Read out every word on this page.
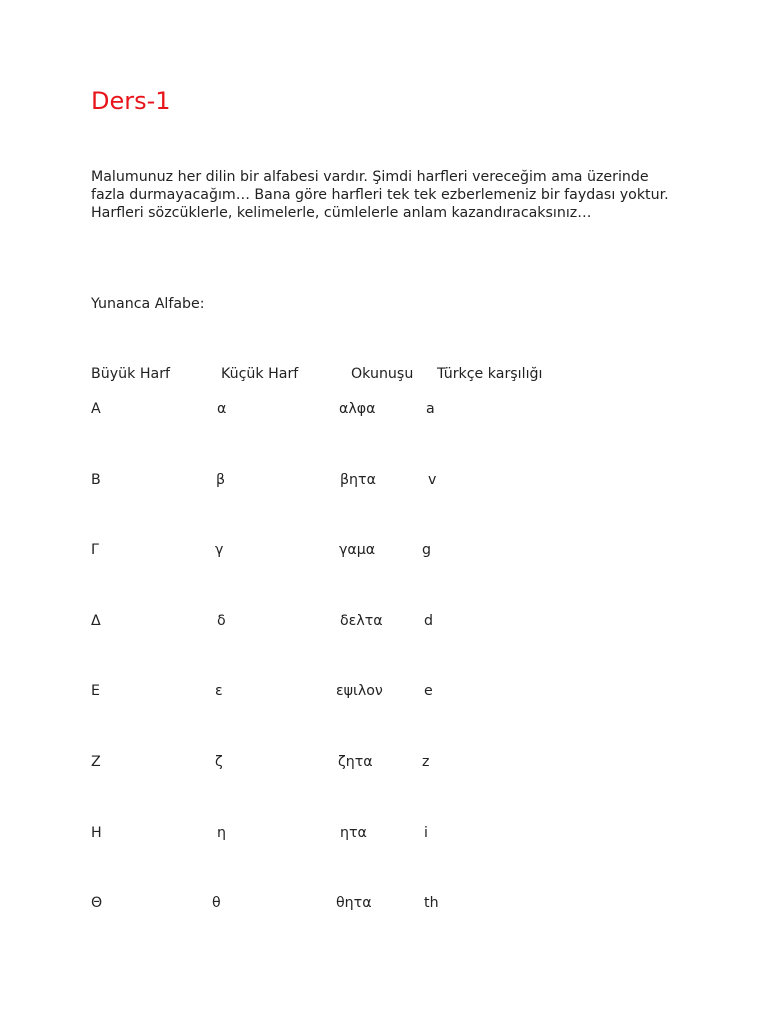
Ders-1

Malumunuz her dilin bir alfabesi vardır. Şimdi harfleri vereceğim ama üzerinde fazla durmayacağım… Bana göre harfleri tek tek ezberlemeniz bir faydası yoktur. Harfleri sözcüklerle, kelimelerle, cümlelerle anlam kazandıracaksınız…

Yunanca Alfabe:

Büyük Harf	Küçük Harf	Okunuşu Türkçe karşılığı
Α	α	αλφα	a
Β	β	βητα	v
Γ	γ	γαμα	g
Δ	δ	δελτα	d
Ε	ε	εψιλον	e
Ζ	ζ	ζητα	z
Η	η	ητα	i
Θ	θ	θητα	th
